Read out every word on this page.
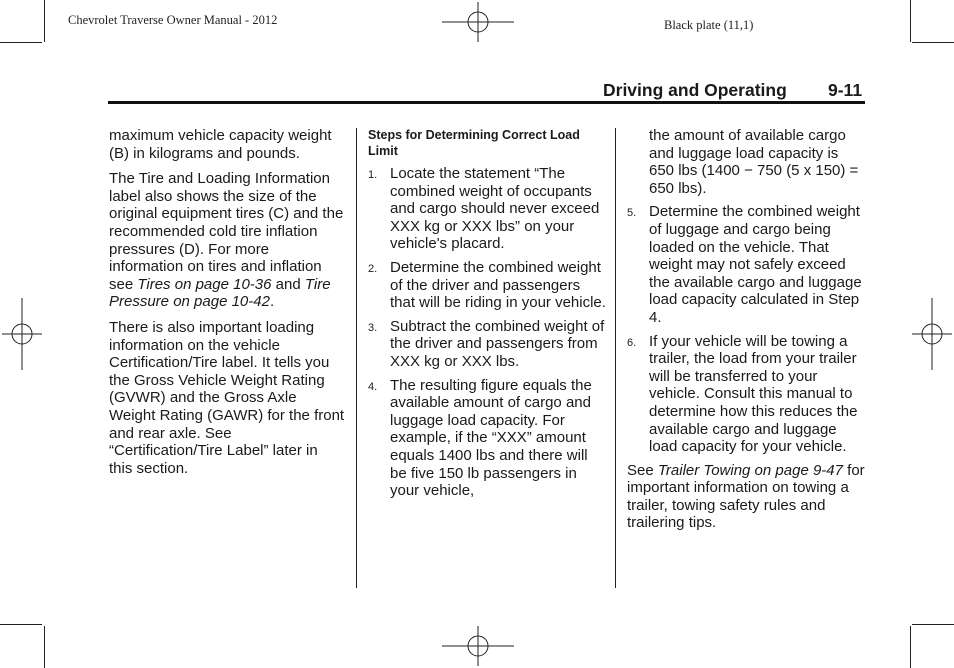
Chevrolet Traverse Owner Manual - 2012	Black plate (11,1)
Driving and Operating 9-11

maximum vehicle capacity weight (B) in kilograms and pounds.

The Tire and Loading Information label also shows the size of the original equipment tires (C) and the recommended cold tire inflation pressures (D). For more information on tires and inflation see Tires on page 10-36 and Tire Pressure on page 10-42.

There is also important loading information on the vehicle Certification/Tire label. It tells you the Gross Vehicle Weight Rating (GVWR) and the Gross Axle Weight Rating (GAWR) for the front and rear axle. See “Certification/Tire Label” later in this section.

Steps for Determining Correct Load Limit
1. Locate the statement “The combined weight of occupants and cargo should never exceed XXX kg or XXX lbs” on your vehicle's placard.
2. Determine the combined weight of the driver and passengers that will be riding in your vehicle.
3. Subtract the combined weight of the driver and passengers from XXX kg or XXX lbs.
4. The resulting figure equals the available amount of cargo and luggage load capacity. For example, if the “XXX” amount equals 1400 lbs and there will be five 150 lb passengers in your vehicle,

the amount of available cargo and luggage load capacity is 650 lbs (1400 − 750 (5 x 150) = 650 lbs).

5. Determine the combined weight of luggage and cargo being loaded on the vehicle. That weight may not safely exceed the available cargo and luggage load capacity calculated in Step 4.
6. If your vehicle will be towing a trailer, the load from your trailer will be transferred to your vehicle. Consult this manual to determine how this reduces the available cargo and luggage load capacity for your vehicle.

See Trailer Towing on page 9-47 for important information on towing a trailer, towing safety rules and trailering tips.
